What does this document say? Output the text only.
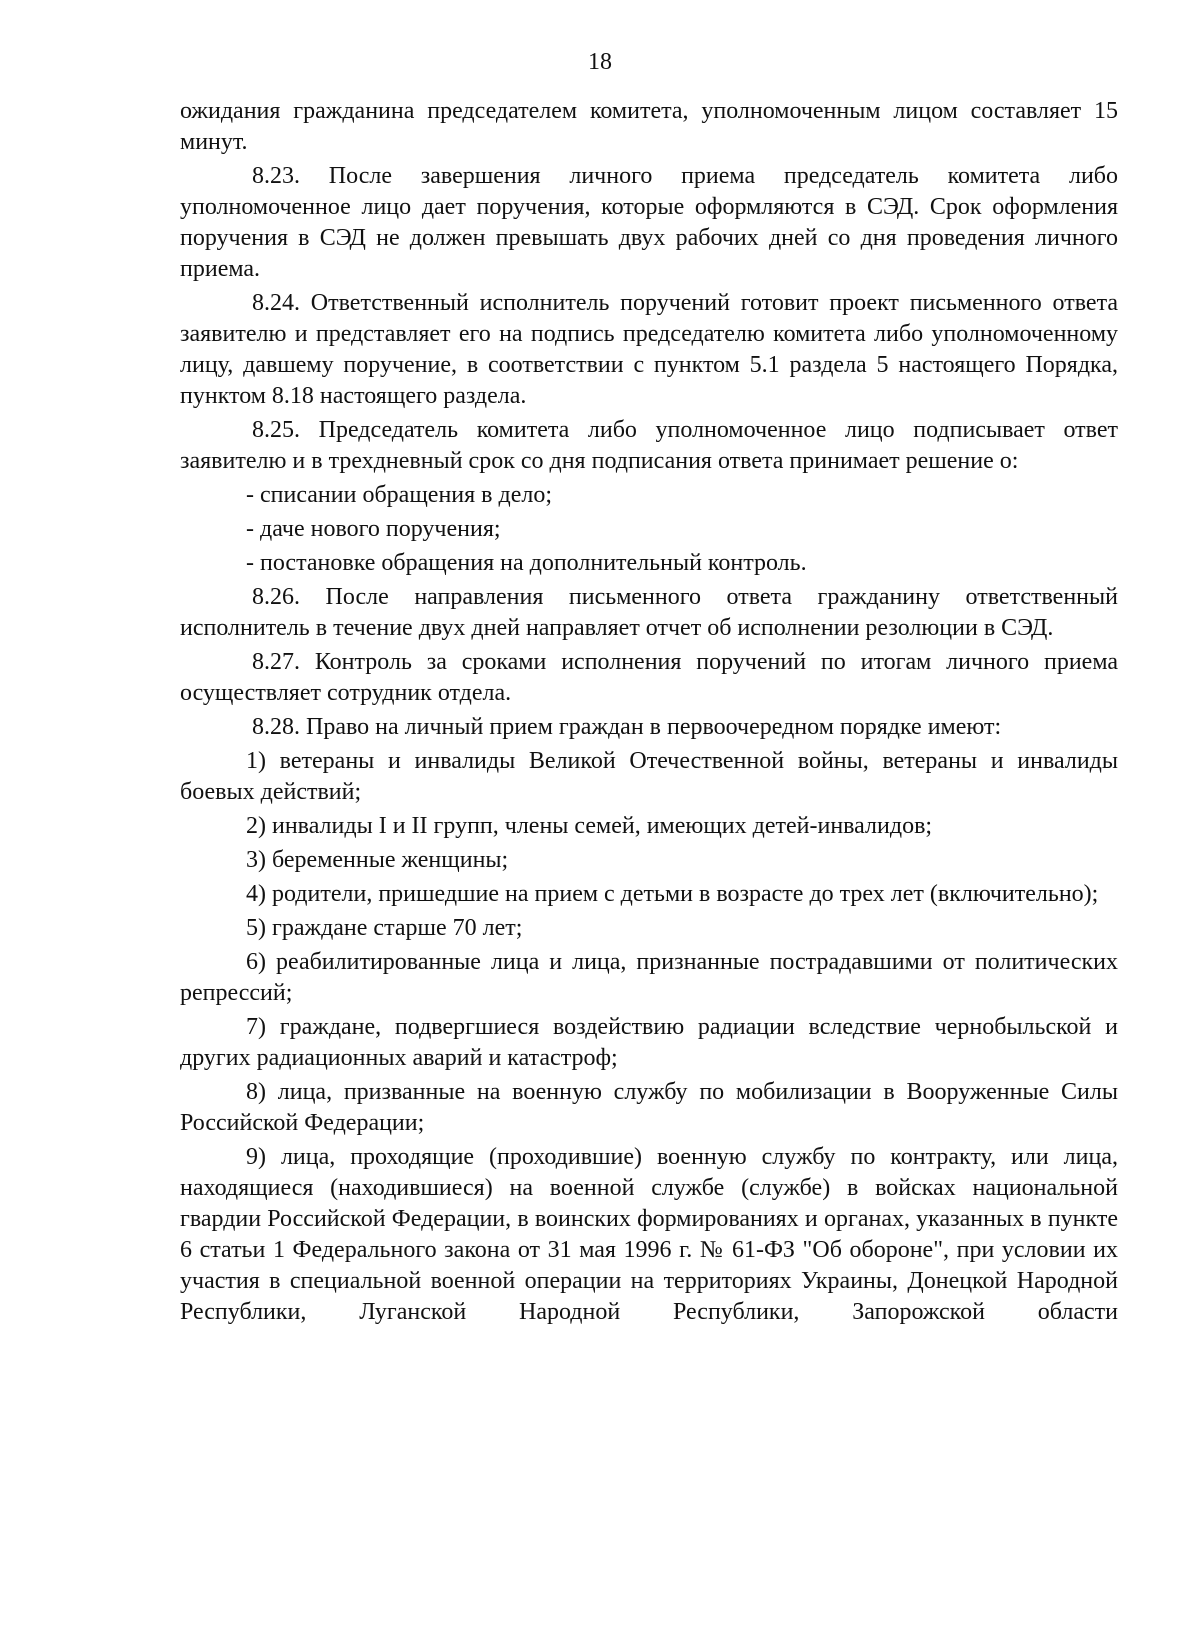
18

ожидания гражданина председателем комитета, уполномоченным лицом составляет 15 минут.

8.23. После завершения личного приема председатель комитета либо уполномоченное лицо дает поручения, которые оформляются в СЭД. Срок оформления поручения в СЭД не должен превышать двух рабочих дней со дня проведения личного приема.

8.24. Ответственный исполнитель поручений готовит проект письменного ответа заявителю и представляет его на подпись председателю комитета либо уполномоченному лицу, давшему поручение, в соответствии с пунктом 5.1 раздела 5 настоящего Порядка, пунктом 8.18 настоящего раздела.

8.25. Председатель комитета либо уполномоченное лицо подписывает ответ заявителю и в трехдневный срок со дня подписания ответа принимает решение о:

- списании обращения в дело;

- даче нового поручения;

- постановке обращения на дополнительный контроль.

8.26. После направления письменного ответа гражданину ответственный исполнитель в течение двух дней направляет отчет об исполнении резолюции в СЭД.

8.27. Контроль за сроками исполнения поручений по итогам личного приема осуществляет сотрудник отдела.

8.28. Право на личный прием граждан в первоочередном порядке имеют:

1) ветераны и инвалиды Великой Отечественной войны, ветераны и инвалиды боевых действий;

2) инвалиды I и II групп, члены семей, имеющих детей-инвалидов;

3) беременные женщины;

4) родители, пришедшие на прием с детьми в возрасте до трех лет (включительно);

5) граждане старше 70 лет;

6) реабилитированные лица и лица, признанные пострадавшими от политических репрессий;

7) граждане, подвергшиеся воздействию радиации вследствие чернобыльской и других радиационных аварий и катастроф;

8) лица, призванные на военную службу по мобилизации в Вооруженные Силы Российской Федерации;

9) лица, проходящие (проходившие) военную службу по контракту, или лица, находящиеся (находившиеся) на военной службе (службе) в войсках национальной гвардии Российской Федерации, в воинских формированиях и органах, указанных в пункте 6 статьи 1 Федерального закона от 31 мая 1996 г. № 61-ФЗ "Об обороне", при условии их участия в специальной военной операции на территориях Украины, Донецкой Народной Республики, Луганской Народной Республики, Запорожской области
